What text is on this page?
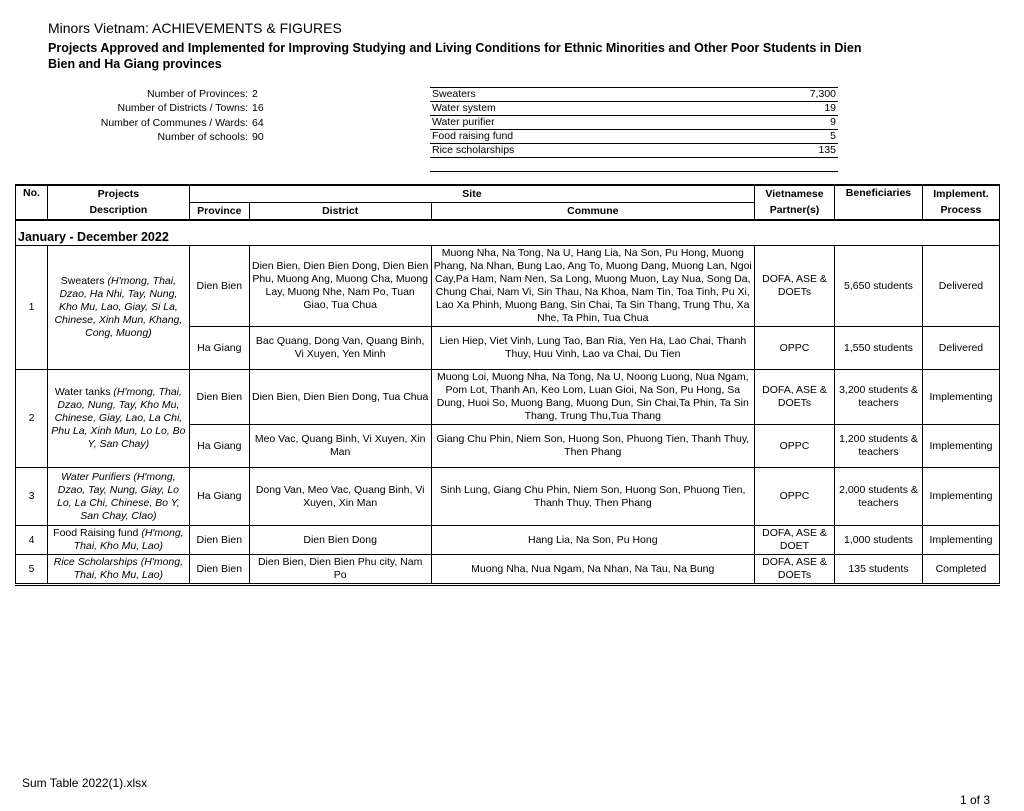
Minors Vietnam: ACHIEVEMENTS & FIGURES
Projects Approved and Implemented for Improving Studying and Living Conditions for Ethnic Minorities and Other Poor Students in Dien Bien and Ha Giang provinces
Number of Provinces: 2
Number of Districts / Towns: 16
Number of Communes / Wards: 64
Number of schools: 90
Sweaters	7,300
Water system	19
Water purifier	9
Food raising fund	5
Rice scholarships	135
No.	Projects	Site			Vietnamese	Beneficiaries	Implement.
	Description	Province	District	Commune	Partner(s)		Process
January - December 2022							
1	Sweaters (H'mong, Thai, Dzao, Ha Nhi, Tay, Nung, Kho Mu, Lao, Giay, Si La, Chinese, Xinh Mun, Khang, Cong, Muong)	Dien Bien	Dien Bien, Dien Bien Dong, Dien Bien Phu, Muong Ang, Muong Cha, Muong Lay, Muong Nhe, Nam Po, Tuan Giao, Tua Chua	Muong Nha, Na Tong, Na U, Hang Lia, Na Son, Pu Hong, Muong Phang, Na Nhan, Bung Lao, Ang To, Muong Dang, Muong Lan, Ngoi Cay,Pa Ham, Nam Nen, Sa Long, Muong Muon, Lay Nua, Song Da, Chung Chai, Nam Vi, Sin Thau, Na Khoa, Nam Tin, Toa Tinh, Pu Xi, Lao Xa Phinh, Muong Bang, Sin Chai, Ta Sin Thang, Trung Thu, Xa Nhe, Ta Phin, Tua Chua	DOFA, ASE & DOETs	5,650 students	Delivered
		Ha Giang	Bac Quang, Dong Van, Quang Binh, Vi Xuyen, Yen Minh	Lien Hiep, Viet Vinh, Lung Tao, Ban Ria, Yen Ha, Lao Chai, Thanh Thuy, Huu Vinh, Lao va Chai, Du Tien	OPPC	1,550 students	Delivered
2	Water tanks (H'mong, Thai, Dzao, Nung, Tay, Kho Mu, Chinese, Giay, Lao, La Chi, Phu La, Xinh Mun, Lo Lo, Bo Y, San Chay)	Dien Bien	Dien Bien, Dien Bien Dong, Tua Chua	Muong Loi, Muong Nha, Na Tong, Na U, Noong Luong, Nua Ngam, Pom Lot, Thanh An, Keo Lom, Luan Gioi, Na Son, Pu Hong, Sa Dung, Huoi So, Muong Bang, Muong Dun, Sin Chai,Ta Phin, Ta Sin Thang, Trung Thu,Tua Thang	DOFA, ASE & DOETs	3,200 students & teachers	Implementing
		Ha Giang	Meo Vac, Quang Binh, Vi Xuyen, Xin Man	Giang Chu Phin, Niem Son, Huong Son, Phuong Tien, Thanh Thuy, Then Phang	OPPC	1,200 students & teachers	Implementing
3	Water Purifiers (H'mong, Dzao, Tay, Nung, Giay, Lo Lo, La Chi, Chinese, Bo Y, San Chay, Clao)	Ha Giang	Dong Van, Meo Vac, Quang Binh, Vi Xuyen, Xin Man	Sinh Lung, Giang Chu Phin, Niem Son, Huong Son, Phuong Tien, Thanh Thuy, Then Phang	OPPC	2,000 students & teachers	Implementing
4	Food Raising fund (H'mong, Thai, Kho Mu, Lao)	Dien Bien	Dien Bien Dong	Hang Lia, Na Son, Pu Hong	DOFA, ASE & DOET	1,000 students	Implementing
5	Rice Scholarships (H'mong, Thai, Kho Mu, Lao)	Dien Bien	Dien Bien, Dien Bien Phu city, Nam Po	Muong Nha, Nua Ngam, Na Nhan, Na Tau, Na Bung	DOFA, ASE & DOETs	135 students	Completed
Sum Table 2022(1).xlsx
1 of 3
